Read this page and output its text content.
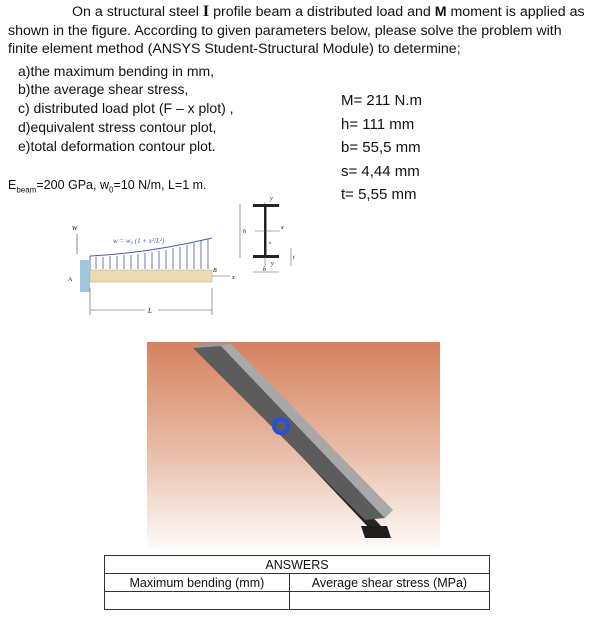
On a structural steel I profile beam a distributed load and M moment is applied as

shown in the figure. According to given parameters below, please solve the problem with

finite element method (ANSYS Student-Structural Module) to determine;

a)the maximum bending in mm,
b)the average shear stress,
c) distributed load plot (F – x plot) ,
d)equivalent stress contour plot,
e)total deformation contour plot.
M= 211 N.m
h= 111 mm
b= 55,5 mm
s= 4,44 mm
t= 5,55 mm
$E_{beam}=200$ GPa, $w_0=10$ N/m, L=1 m.
w
w = w₀ (1 + x²/L²)
A
B
x
L
y
h
x
s
b
y
t
ANSWERS	
Maximum bending (mm)	Average shear stress (MPa)
